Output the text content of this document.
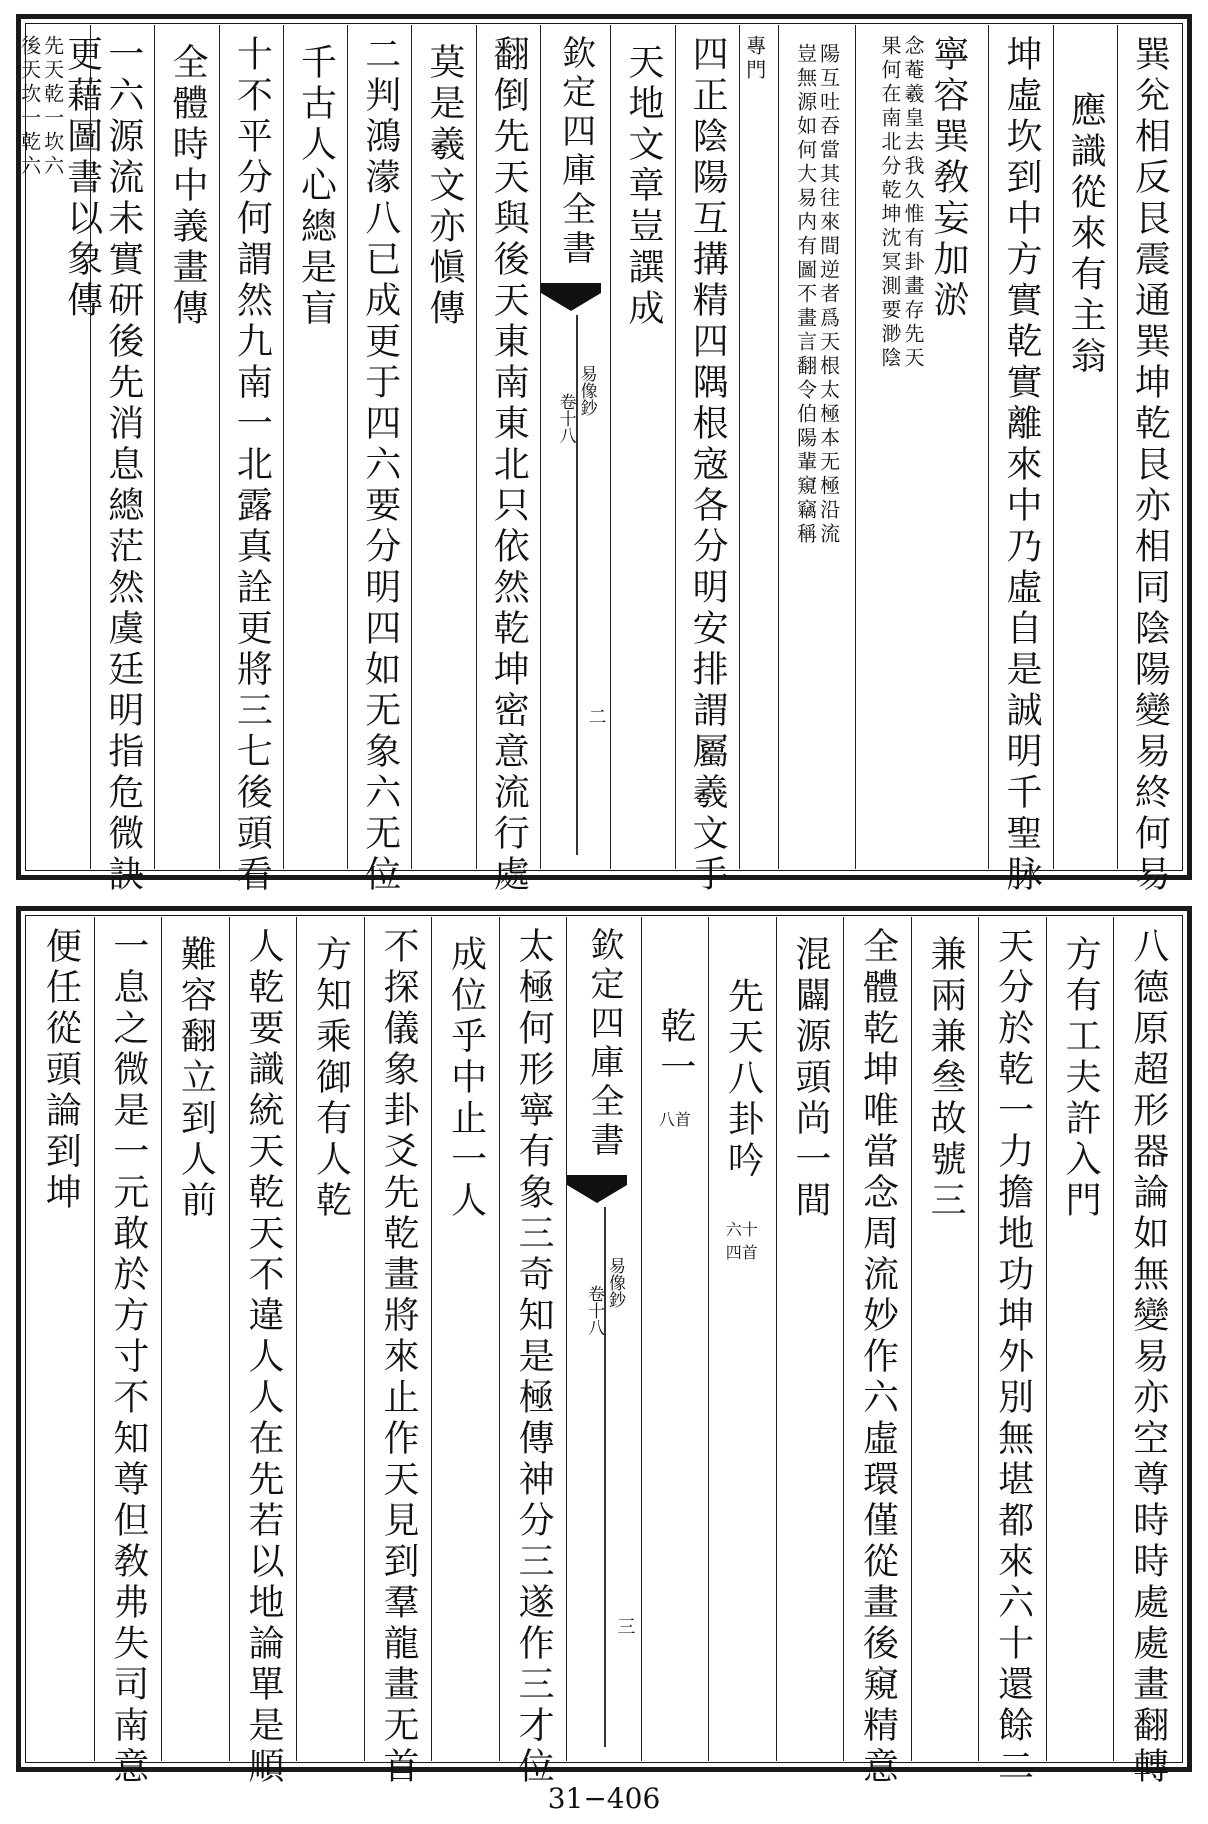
巽兊相反艮震通巽坤乾艮亦相同陰陽變易終何易
應識從來有主翁
坤虛坎到中方實乾實離來中乃虛自是誠明千聖脉
寧容巽敎妄加淤
念菴羲皇去我久惟有卦畫存先天
果何在南北分乾坤沈冥測要渺陰
陽互吐吞當其往來間逆者爲天根太極本无極沿流
豈無源如何大易内有圖不畫言翻令伯陽輩窺竊稱
專門
四正陰陽互搆精四隅根宼各分明安排謂屬羲文手
天地文章豈譔成
欽定四庫全書
易像鈔
卷十八
二
翻倒先天與後天東南東北只依然乾坤密意流行處
莫是羲文亦愼傳
二判鴻濛八已成更于四六要分明四如无象六无位
千古人心總是盲
十不平分何謂然九南一北露真詮更將三七後頭看
全體時中義畫傳
一六源流未實研後先消息總茫然虞廷明指危微訣
更藉圖書以象傳
先天乾一坎六
後天坎一乾六
八德原超形器論如無變易亦空尊時時處處畫翻轉
方有工夫許入門
天分於乾一力擔地功坤外別無堪都來六十還餘二
兼兩兼叄故號三
全體乾坤唯當念周流妙作六虛環僅從畫後窺精意
混闢源頭尚一間
先天八卦吟
六十四首
乾一
八首
欽定四庫全書
易像鈔
卷十八
三
太極何形寧有象三奇知是極傳神分三遂作三才位
成位乎中止一人
不探儀象卦爻先乾畫將來止作天見到羣龍畫无首
方知乘御有人乾
人乾要識統天乾天不違人人在先若以地論單是順
難容翻立到人前
一息之微是一元敢於方寸不知尊但敎弗失司南意
便任從頭論到坤
31−406
